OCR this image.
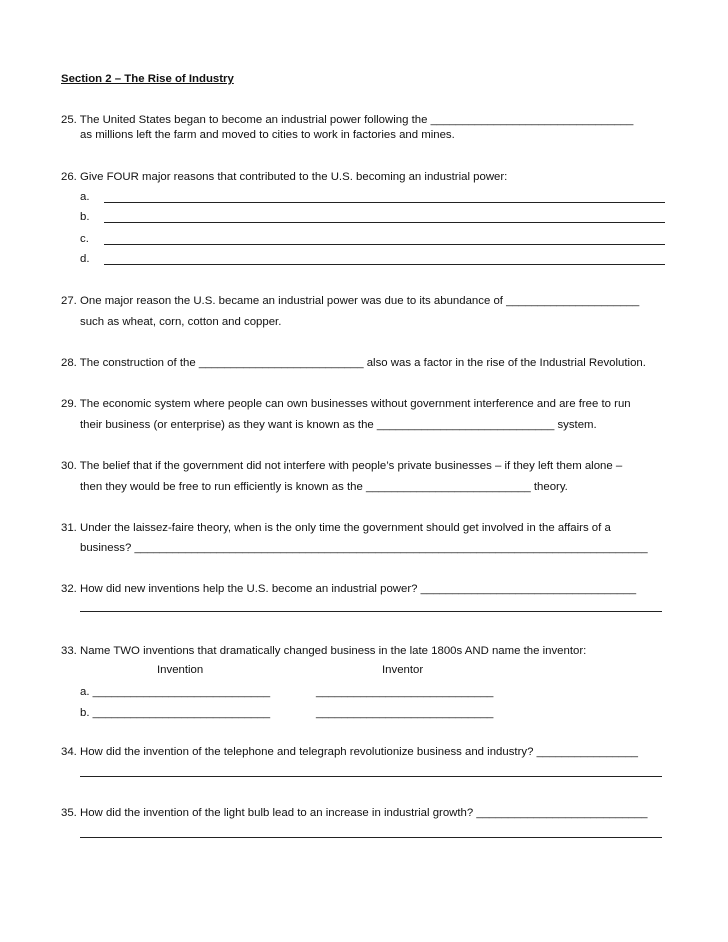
Section 2 – The Rise of Industry
25. The United States began to become an industrial power following the ________________________________
as millions left the farm and moved to cities to work in factories and mines.
26. Give FOUR major reasons that contributed to the U.S. becoming an industrial power:
a.
b.
c.
d.
27. One major reason the U.S. became an industrial power was due to its abundance of _____________________
such as wheat, corn, cotton and copper.
28. The construction of the __________________________ also was a factor in the rise of the Industrial Revolution.
29. The economic system where people can own businesses without government interference and are free to run
their business (or enterprise) as they want is known as the ____________________________ system.
30. The belief that if the government did not interfere with people’s private businesses – if they left them alone –
then they would be free to run efficiently is known as the __________________________ theory.
31. Under the laissez-faire theory, when is the only time the government should get involved in the affairs of a
business? _________________________________________________________________________________
32. How did new inventions help the U.S. become an industrial power? __________________________________
33. Name TWO inventions that dramatically changed business in the late 1800s AND name the inventor:
Invention	Inventor
a. ____________________________	____________________________
b. ____________________________	____________________________
34. How did the invention of the telephone and telegraph revolutionize business and industry? ________________
35. How did the invention of the light bulb lead to an increase in industrial growth? ___________________________
